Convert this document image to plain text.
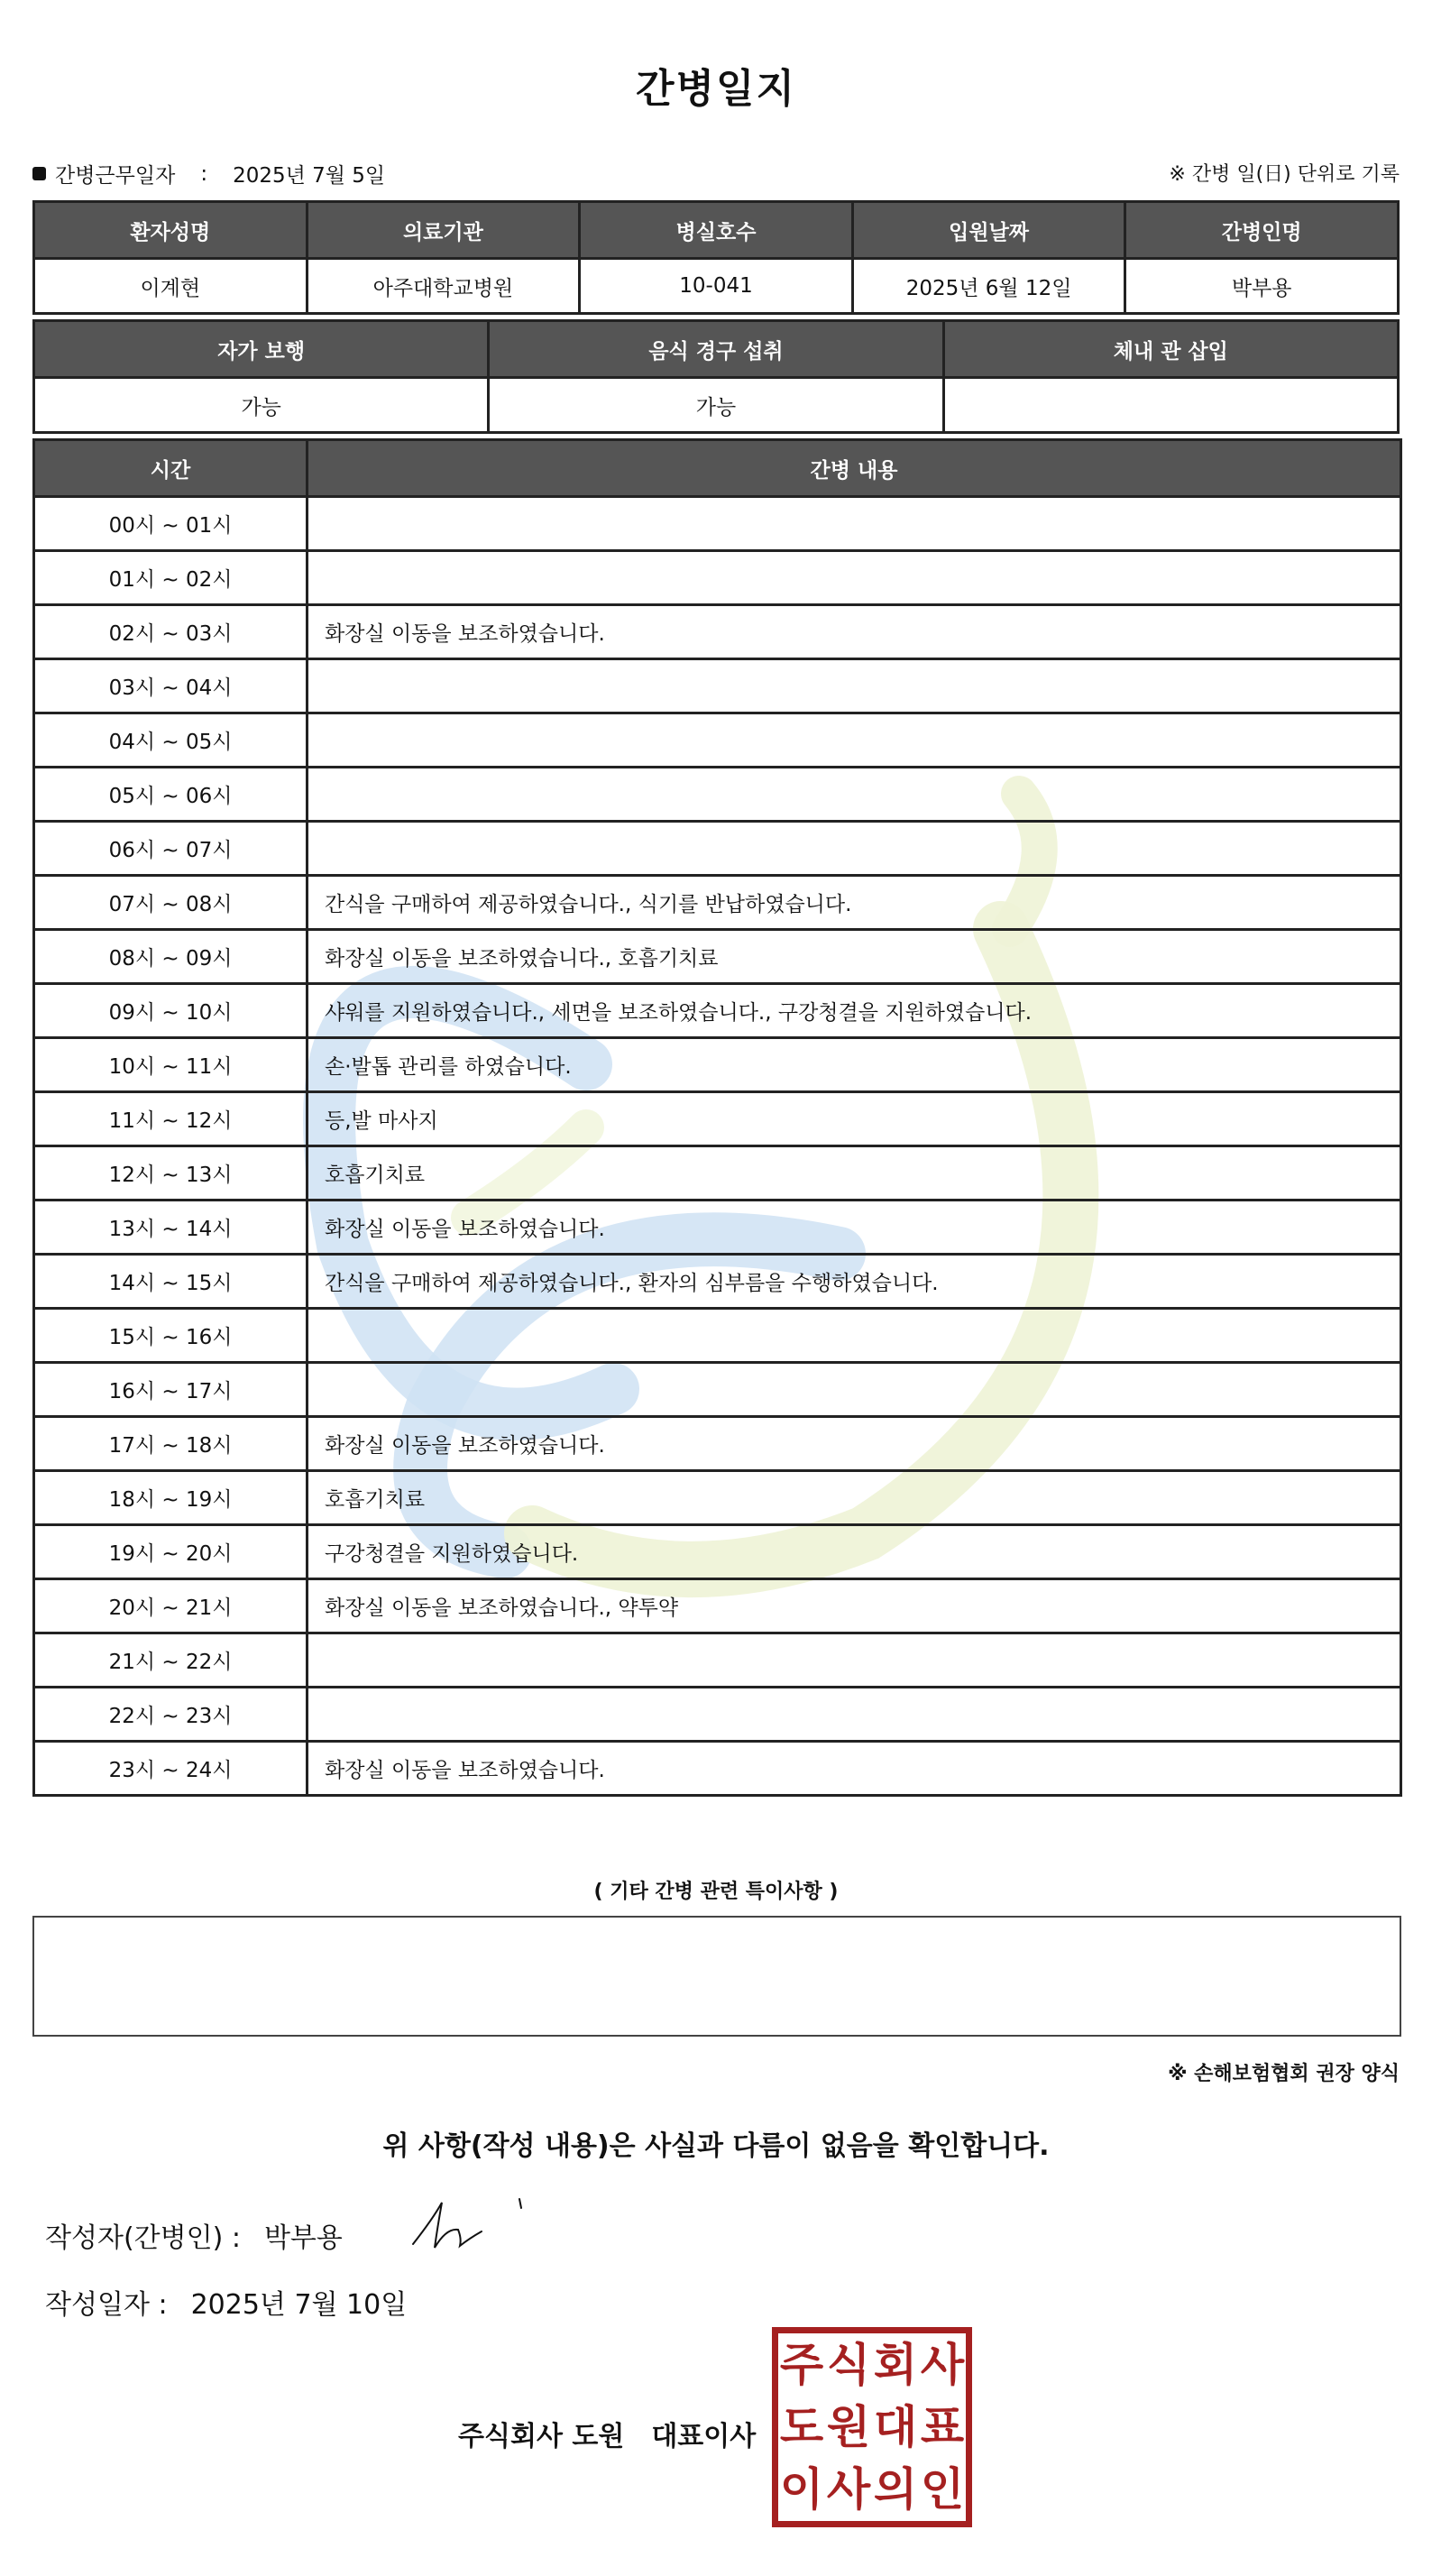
간병일지
간병근무일자 : 2025년 7월 5일	※ 간병 일(日) 단위로 기록
환자성명	의료기관	병실호수	입원날짜	간병인명
이계현	아주대학교병원	10-041	2025년 6월 12일	박부용
자가 보행	음식 경구 섭취	체내 관 삽입
가능	가능	
시간	간병 내용
00시 ~ 01시	
01시 ~ 02시	
02시 ~ 03시	화장실 이동을 보조하였습니다.
03시 ~ 04시	
04시 ~ 05시	
05시 ~ 06시	
06시 ~ 07시	
07시 ~ 08시	간식을 구매하여 제공하였습니다., 식기를 반납하였습니다.
08시 ~ 09시	화장실 이동을 보조하였습니다., 호흡기치료
09시 ~ 10시	샤워를 지원하였습니다., 세면을 보조하였습니다., 구강청결을 지원하였습니다.
10시 ~ 11시	손·발톱 관리를 하였습니다.
11시 ~ 12시	등,발 마사지
12시 ~ 13시	호흡기치료
13시 ~ 14시	화장실 이동을 보조하였습니다.
14시 ~ 15시	간식을 구매하여 제공하였습니다., 환자의 심부름을 수행하였습니다.
15시 ~ 16시	
16시 ~ 17시	
17시 ~ 18시	화장실 이동을 보조하였습니다.
18시 ~ 19시	호흡기치료
19시 ~ 20시	구강청결을 지원하였습니다.
20시 ~ 21시	화장실 이동을 보조하였습니다., 약투약
21시 ~ 22시	
22시 ~ 23시	
23시 ~ 24시	화장실 이동을 보조하였습니다.
( 기타 간병 관련 특이사항 )
※ 손해보험협회 권장 양식
위 사항(작성 내용)은 사실과 다름이 없음을 확인합니다.
작성자(간병인) : 박부용
작성일자 : 2025년 7월 10일
주식회사 도원 대표이사
주 식 회 사
도 원 대 표
이 사 의 인
